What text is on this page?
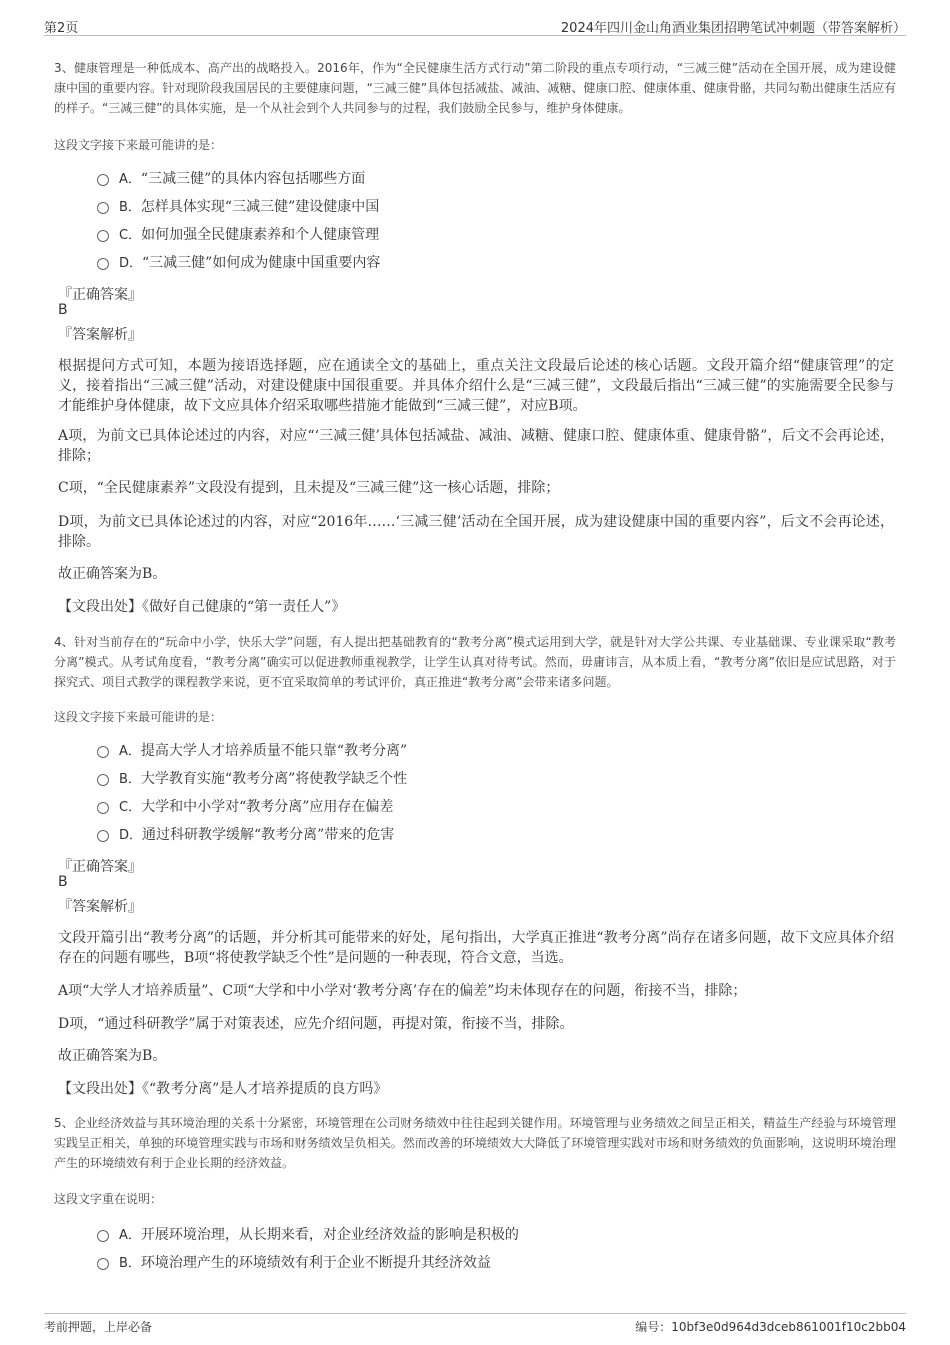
第2页	2024年四川金山角酒业集团招聘笔试冲刺题（带答案解析）
3、健康管理是一种低成本、高产出的战略投入。2016年，作为“全民健康生活方式行动”第二阶段的重点专项行动，“三减三健”活动在全国开展，成为建设健康中国的重要内容。针对现阶段我国居民的主要健康问题，“三减三健”具体包括减盐、减油、减糖、健康口腔、健康体重、健康骨骼，共同勾勒出健康生活应有的样子。“三减三健”的具体实施，是一个从社会到个人共同参与的过程，我们鼓励全民参与，维护身体健康。
这段文字接下来最可能讲的是：
A．“三减三健”的具体内容包括哪些方面
B．怎样具体实现“三减三健”建设健康中国
C．如何加强全民健康素养和个人健康管理
D．“三减三健”如何成为健康中国重要内容
『正确答案』
B
『答案解析』
根据提问方式可知，本题为接语选择题，应在通读全文的基础上，重点关注文段最后论述的核心话题。文段开篇介绍“健康管理”的定义，接着指出“三减三健”活动，对建设健康中国很重要。并具体介绍什么是“三减三健”，文段最后指出“三减三健”的实施需要全民参与才能维护身体健康，故下文应具体介绍采取哪些措施才能做到“三减三健”，对应B项。
A项，为前文已具体论述过的内容，对应“‘三减三健’具体包括减盐、减油、减糖、健康口腔、健康体重、健康骨骼”，后文不会再论述，排除；
C项，“全民健康素养”文段没有提到，且未提及“三减三健”这一核心话题，排除；
D项，为前文已具体论述过的内容，对应“2016年……‘三减三健’活动在全国开展，成为建设健康中国的重要内容”，后文不会再论述，排除。
故正确答案为B。
【文段出处】《做好自己健康的“第一责任人”》
4、针对当前存在的“玩命中小学，快乐大学”问题，有人提出把基础教育的“教考分离”模式运用到大学，就是针对大学公共课、专业基础课、专业课采取“教考分离”模式。从考试角度看，“教考分离”确实可以促进教师重视教学，让学生认真对待考试。然而，毋庸讳言，从本质上看，“教考分离”依旧是应试思路，对于探究式、项目式教学的课程教学来说，更不宜采取简单的考试评价，真正推进“教考分离”会带来诸多问题。
这段文字接下来最可能讲的是：
A．提高大学人才培养质量不能只靠“教考分离”
B．大学教育实施“教考分离”将使教学缺乏个性
C．大学和中小学对“教考分离”应用存在偏差
D．通过科研教学缓解“教考分离”带来的危害
『正确答案』
B
『答案解析』
文段开篇引出“教考分离”的话题，并分析其可能带来的好处，尾句指出，大学真正推进“教考分离”尚存在诸多问题，故下文应具体介绍存在的问题有哪些，B项“将使教学缺乏个性”是问题的一种表现，符合文意，当选。
A项“大学人才培养质量”、C项“大学和中小学对‘教考分离’存在的偏差”均未体现存在的问题，衔接不当，排除；
D项，“通过科研教学”属于对策表述，应先介绍问题，再提对策，衔接不当，排除。
故正确答案为B。
【文段出处】《“教考分离”是人才培养提质的良方吗》
5、企业经济效益与其环境治理的关系十分紧密，环境管理在公司财务绩效中往往起到关键作用。环境管理与业务绩效之间呈正相关，精益生产经验与环境管理实践呈正相关，单独的环境管理实践与市场和财务绩效呈负相关。然而改善的环境绩效大大降低了环境管理实践对市场和财务绩效的负面影响，这说明环境治理产生的环境绩效有利于企业长期的经济效益。
这段文字重在说明：
A．开展环境治理，从长期来看，对企业经济效益的影响是积极的
B．环境治理产生的环境绩效有利于企业不断提升其经济效益
考前押题，上岸必备	编号：10bf3e0d964d3dceb861001f10c2bb04
